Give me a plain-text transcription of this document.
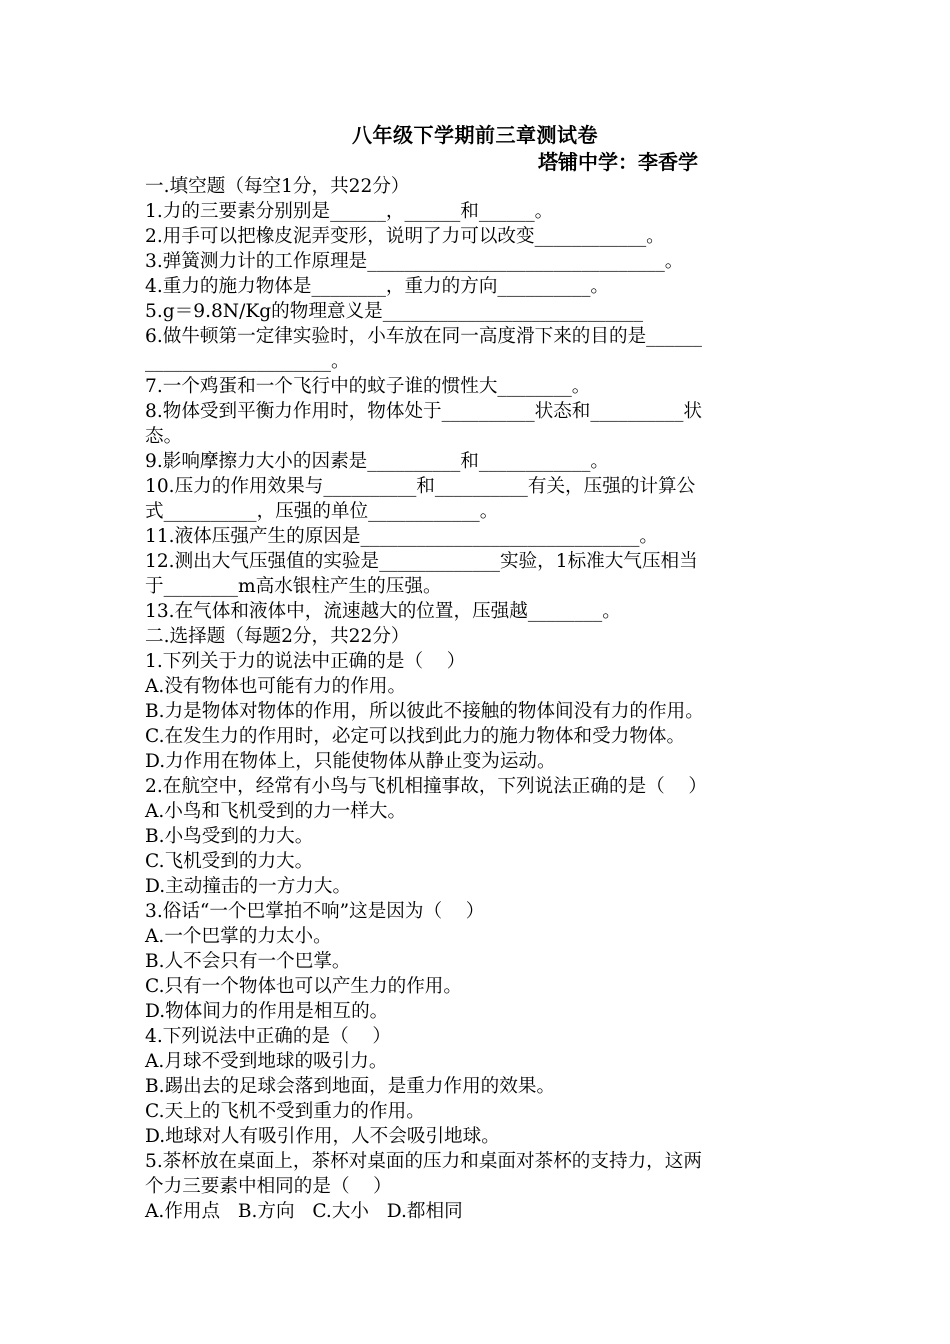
八年级下学期前三章测试卷
塔铺中学：李香学
一.填空题（每空1分，共22分）
1.力的三要素分别别是______，______和______。
2.用手可以把橡皮泥弄变形，说明了力可以改变____________。
3.弹簧测力计的工作原理是________________________________。
4.重力的施力物体是________，重力的方向__________。
5.g＝9.8N/Kg的物理意义是____________________________
6.做牛顿第一定律实验时，小车放在同一高度滑下来的目的是______
____________________。
7.一个鸡蛋和一个飞行中的蚊子谁的惯性大________。
8.物体受到平衡力作用时，物体处于__________状态和__________状
态。
9.影响摩擦力大小的因素是__________和____________。
10.压力的作用效果与__________和__________有关，压强的计算公
式__________，压强的单位____________。
11.液体压强产生的原因是______________________________。
12.测出大气压强值的实验是_____________实验，1标准大气压相当
于________m高水银柱产生的压强。
13.在气体和液体中，流速越大的位置，压强越________。
二.选择题（每题2分，共22分）
1.下列关于力的说法中正确的是（    ）
A.没有物体也可能有力的作用。
B.力是物体对物体的作用，所以彼此不接触的物体间没有力的作用。
C.在发生力的作用时，必定可以找到此力的施力物体和受力物体。
D.力作用在物体上，只能使物体从静止变为运动。
2.在航空中，经常有小鸟与飞机相撞事故，下列说法正确的是（    ）
A.小鸟和飞机受到的力一样大。
B.小鸟受到的力大。
C.飞机受到的力大。
D.主动撞击的一方力大。
3.俗话“一个巴掌拍不响”这是因为（    ）
A.一个巴掌的力太小。
B.人不会只有一个巴掌。
C.只有一个物体也可以产生力的作用。
D.物体间力的作用是相互的。
4.下列说法中正确的是（    ）
A.月球不受到地球的吸引力。
B.踢出去的足球会落到地面，是重力作用的效果。
C.天上的飞机不受到重力的作用。
D.地球对人有吸引作用，人不会吸引地球。
5.茶杯放在桌面上，茶杯对桌面的压力和桌面对茶杯的支持力，这两
个力三要素中相同的是（    ）
A.作用点   B.方向   C.大小   D.都相同
